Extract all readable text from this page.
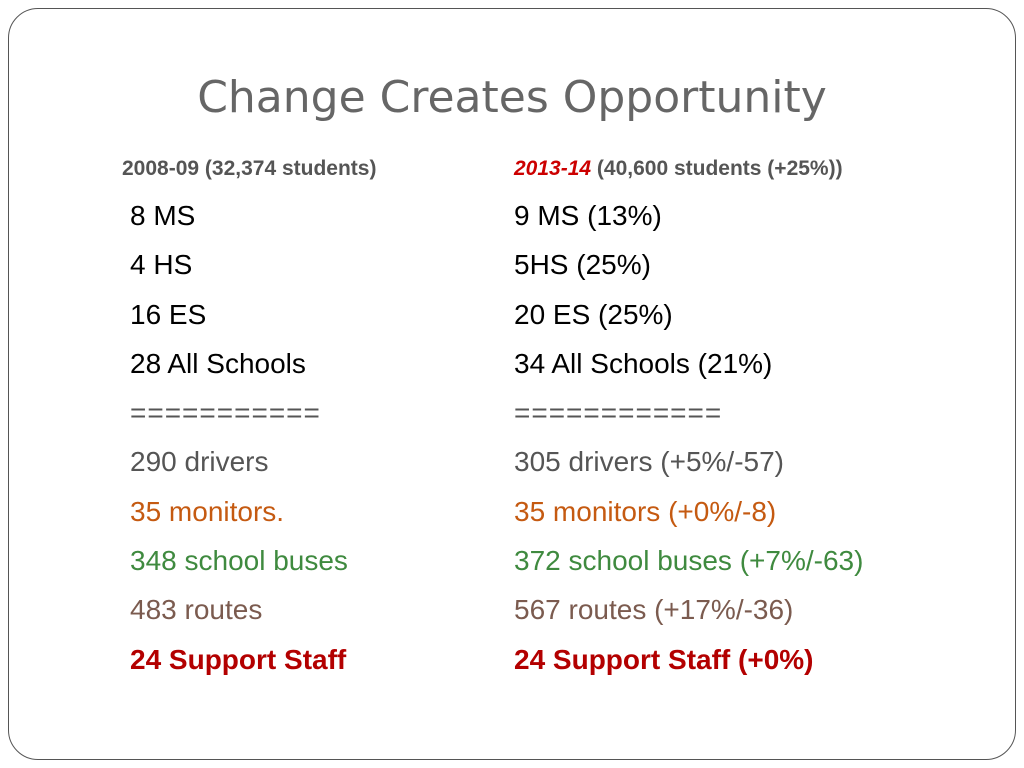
Change Creates Opportunity
2008-09 (32,374 students)	2013-14 (40,600 students (+25%))
8 MS
4 HS
16 ES
28 All Schools
===========
290 drivers
35 monitors.
348 school buses
483 routes
24 Support Staff
9 MS (13%)
5HS (25%)
20 ES (25%)
34 All Schools (21%)
============
305 drivers (+5%/-57)
35 monitors (+0%/-8)
372 school buses (+7%/-63)
567 routes (+17%/-36)
24 Support Staff (+0%)
